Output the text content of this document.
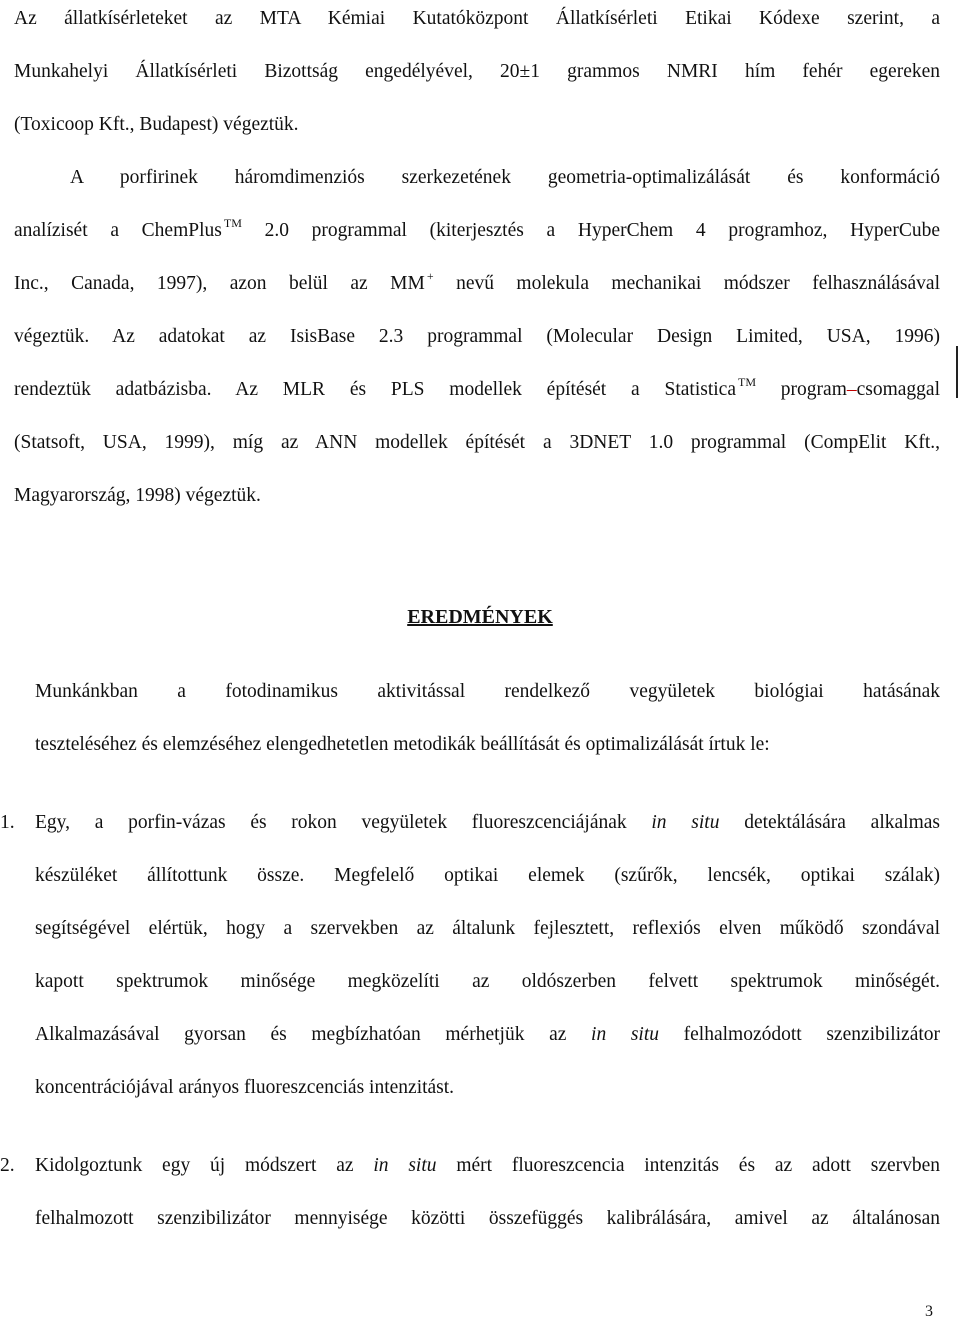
Az állatkísérleteket az MTA Kémiai Kutatóközpont Állatkísérleti Etikai Kódexe szerint, a
Munkahelyi Állatkísérleti Bizottság engedélyével, 20±1 grammos NMRI hím fehér egereken
(Toxicoop Kft., Budapest) végeztük.
A porfirinek háromdimenziós szerkezetének geometria-optimalizálását és konformáció
analízisét a ChemPlus ™ 2.0 programmal (kiterjesztés a HyperChem 4 programhoz, HyperCube
Inc., Canada, 1997), azon belül az MM + nevű molekula mechanikai módszer felhasználásával
végeztük. Az adatokat az IsisBase 2.3 programmal (Molecular Design Limited, USA, 1996)
rendeztük adatbázisba. Az MLR és PLS modellek építését a Statistica ™ program–csomaggal
(Statsoft, USA, 1999), míg az ANN modellek építését a 3DNET 1.0 programmal (CompElit Kft.,
Magyarország, 1998) végeztük.
EREDMÉNYEK
Munkánkban a fotodinamikus aktivitással rendelkező vegyületek biológiai hatásának
teszteléséhez és elemzéséhez elengedhetetlen metodikák beállítását és optimalizálását írtuk le:
1. Egy, a porfin-vázas és rokon vegyületek fluoreszcenciájának in situ detektálására alkalmas
készüléket állítottunk össze. Megfelelő optikai elemek (szűrők, lencsék, optikai szálak)
segítségével elértük, hogy a szervekben az általunk fejlesztett, reflexiós elven működő szondával
kapott spektrumok minősége megközelíti az oldószerben felvett spektrumok minőségét.
Alkalmazásával gyorsan és megbízhatóan mérhetjük az in situ felhalmozódott szenzibilizátor
koncentrációjával arányos fluoreszcenciás intenzitást.
2. Kidolgoztunk egy új módszert az in situ mért fluoreszcencia intenzitás és az adott szervben
felhalmozott szenzibilizátor mennyisége közötti összefüggés kalibrálására, amivel az általánosan
3
